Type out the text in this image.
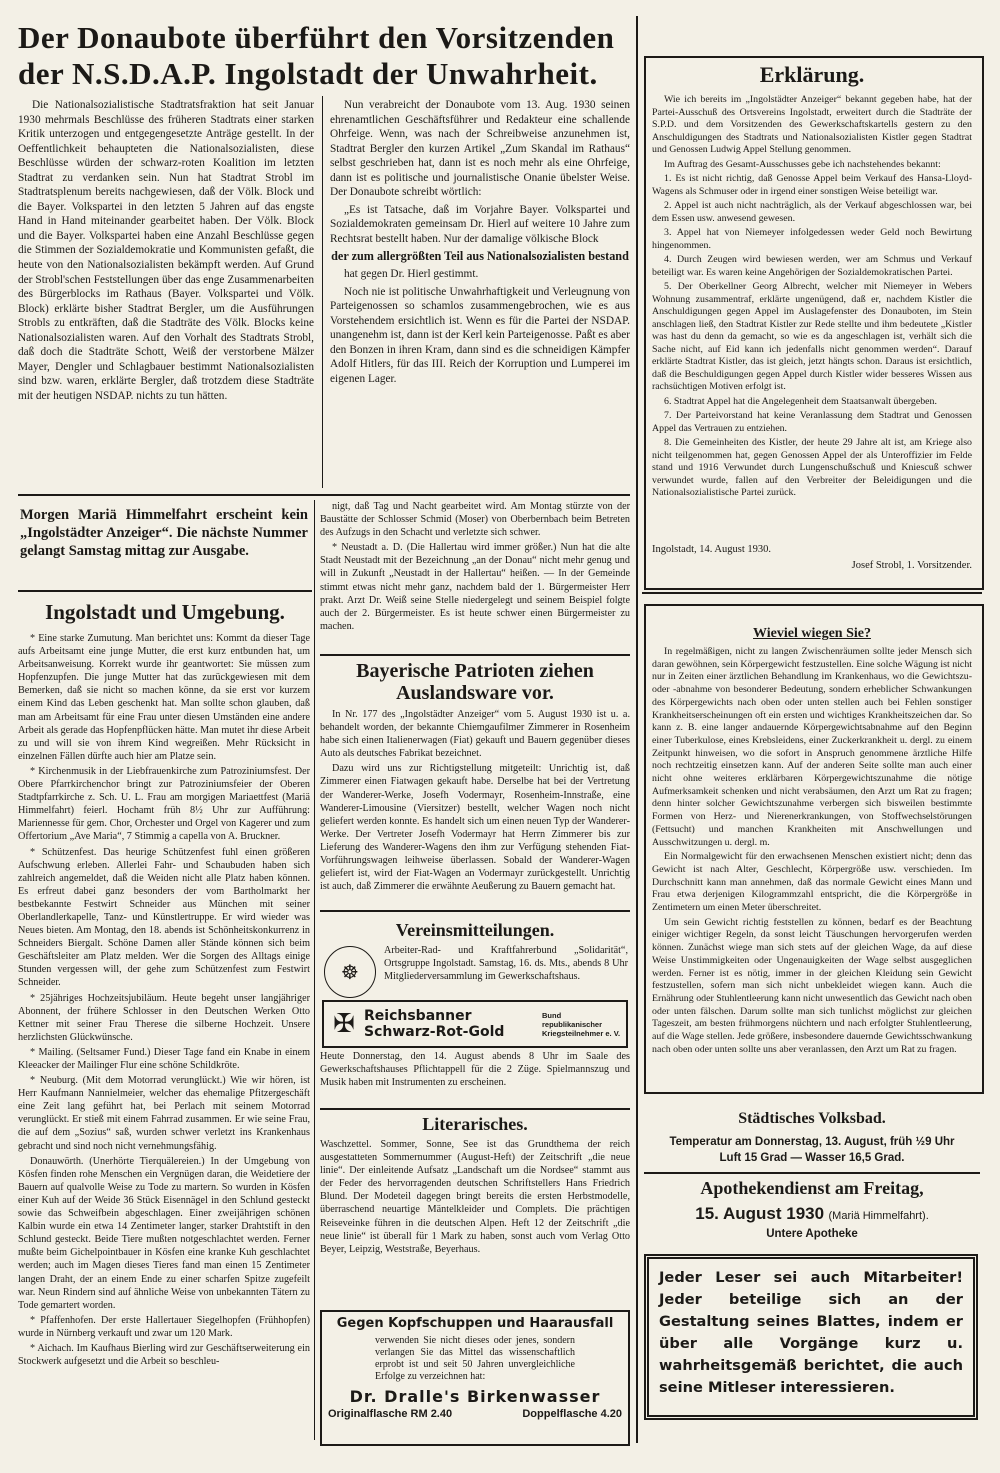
Der Donaubote überführt den Vorsitzenden
der N.S.D.A.P. Ingolstadt der Unwahrheit.

Die Nationalsozialistische Stadtratsfraktion hat seit Januar 1930 mehrmals Beschlüsse des früheren Stadtrats einer starken Kritik unterzogen und entgegengesetzte Anträge gestellt. In der Oeffentlichkeit behaupteten die Nationalsozialisten, diese Beschlüsse würden der schwarz-roten Koalition im letzten Stadtrat zu verdanken sein. Nun hat Stadtrat Strobl im Stadtratsplenum bereits nachgewiesen, daß der Völk. Block und die Bayer. Volkspartei in den letzten 5 Jahren auf das engste Hand in Hand miteinander gearbeitet haben. Der Völk. Block und die Bayer. Volkspartei haben eine Anzahl Beschlüsse gegen die Stimmen der Sozialdemokratie und Kommunisten gefaßt, die heute von den Nationalsozialisten bekämpft werden. Auf Grund der Strobl'schen Feststellungen über das enge Zusammenarbeiten des Bürgerblocks im Rathaus (Bayer. Volkspartei und Völk. Block) erklärte bisher Stadtrat Bergler, um die Ausführungen Strobls zu entkräften, daß die Stadträte des Völk. Blocks keine Nationalsozialisten waren. Auf den Vorhalt des Stadtrats Strobl, daß doch die Stadträte Schott, Weiß der verstorbene Mälzer Mayer, Dengler und Schlagbauer bestimmt Nationalsozialisten sind bzw. waren, erklärte Bergler, daß trotzdem diese Stadträte mit der heutigen NSDAP. nichts zu tun hätten.

Nun verabreicht der Donaubote vom 13. Aug. 1930 seinen ehrenamtlichen Geschäftsführer und Redakteur eine schallende Ohrfeige. Wenn, was nach der Schreibweise anzunehmen ist, Stadtrat Bergler den kurzen Artikel „Zum Skandal im Rathaus“ selbst geschrieben hat, dann ist es noch mehr als eine Ohrfeige, dann ist es politische und journalistische Onanie übelster Weise. Der Donaubote schreibt wörtlich:

„Es ist Tatsache, daß im Vorjahre Bayer. Volkspartei und Sozialdemokraten gemeinsam Dr. Hierl auf weitere 10 Jahre zum Rechtsrat bestellt haben. Nur der damalige völkische Block

der zum allergrößten Teil aus Nationalsozialisten bestand

hat gegen Dr. Hierl gestimmt.

Noch nie ist politische Unwahrhaftigkeit und Verleugnung von Parteigenossen so schamlos zusammengebrochen, wie es aus Vorstehendem ersichtlich ist. Wenn es für die Partei der NSDAP. unangenehm ist, dann ist der Kerl kein Parteigenosse. Paßt es aber den Bonzen in ihren Kram, dann sind es die schneidigen Kämpfer Adolf Hitlers, für das III. Reich der Korruption und Lumperei im eigenen Lager.

Morgen Mariä Himmelfahrt erscheint kein „Ingolstädter Anzeiger“. Die nächste Nummer gelangt Samstag mittag zur Ausgabe.
Ingolstadt und Umgebung.

* Eine starke Zumutung. Man berichtet uns: Kommt da dieser Tage aufs Arbeitsamt eine junge Mutter, die erst kurz entbunden hat, um Arbeitsanweisung. Korrekt wurde ihr geantwortet: Sie müssen zum Hopfenzupfen. Die junge Mutter hat das zurückgewiesen mit dem Bemerken, daß sie nicht so machen könne, da sie erst vor kurzem einem Kind das Leben geschenkt hat. Man sollte schon glauben, daß man am Arbeitsamt für eine Frau unter diesen Umständen eine andere Arbeit als gerade das Hopfenpflücken hätte. Man mutet ihr diese Arbeit zu und will sie von ihrem Kind wegreißen. Mehr Rücksicht in einzelnen Fällen dürfte auch hier am Platze sein.

* Kirchenmusik in der Liebfrauenkirche zum Patroziniumsfest. Der Obere Pfarrkirchenchor bringt zur Patroziniumsfeier der Oberen Stadtpfarrkirche z. Sch. U. L. Frau am morgigen Mariaettfest (Mariä Himmelfahrt) feierl. Hochamt früh 8½ Uhr zur Aufführung: Mariennesse für gem. Chor, Orchester und Orgel von Kagerer und zum Offertorium „Ave Maria“, 7 Stimmig a capella von A. Bruckner.

* Schützenfest. Das heurige Schützenfest fuhl einen größeren Aufschwung erleben. Allerlei Fahr- und Schaubuden haben sich zahlreich angemeldet, daß die Weiden nicht alle Platz haben können. Es erfreut dabei ganz besonders der vom Bartholmarkt her bestbekannte Festwirt Schneider aus München mit seiner Oberlandlerkapelle, Tanz- und Künstlertruppe. Er wird wieder was Neues bieten. Am Montag, den 18. abends ist Schönheitskonkurrenz in Schneiders Biergalt. Schöne Damen aller Stände können sich beim Geschäftsleiter am Platz melden. Wer die Sorgen des Alltags einige Stunden vergessen will, der gehe zum Schützenfest zum Festwirt Schneider.

* 25jähriges Hochzeitsjubiläum. Heute begeht unser langjähriger Abonnent, der frühere Schlosser in den Deutschen Werken Otto Kettner mit seiner Frau Therese die silberne Hochzeit. Unsere herzlichsten Glückwünsche.

* Mailing. (Seltsamer Fund.) Dieser Tage fand ein Knabe in einem Kleeacker der Mailinger Flur eine schöne Schildkröte.

* Neuburg. (Mit dem Motorrad verunglückt.) Wie wir hören, ist Herr Kaufmann Nannielmeier, welcher das ehemalige Pfitzergeschäft eine Zeit lang geführt hat, bei Perlach mit seinem Motorrad verunglückt. Er stieß mit einem Fahrrad zusammen. Er wie seine Frau, die auf dem „Sozius“ saß, wurden schwer verletzt ins Krankenhaus gebracht und sind noch nicht vernehmungsfähig.

Donauwörth. (Unerhörte Tierquälereien.) In der Umgebung von Kösfen finden rohe Menschen ein Vergnügen daran, die Weidetiere der Bauern auf qualvolle Weise zu Tode zu martern. So wurden in Kösfen einer Kuh auf der Weide 36 Stück Eisennägel in den Schlund gesteckt sowie das Schweifbein abgeschlagen. Einer zweijährigen schönen Kalbin wurde ein etwa 14 Zentimeter langer, starker Drahtstift in den Schlund gesteckt. Beide Tiere mußten notgeschlachtet werden. Ferner mußte beim Gichelpointbauer in Kösfen eine kranke Kuh geschlachtet werden; auch im Magen dieses Tieres fand man einen 15 Zentimeter langen Draht, der an einem Ende zu einer scharfen Spitze zugefeilt war. Neun Rindern sind auf ähnliche Weise von unbekannten Tätern zu Tode gemartert worden.

* Pfaffenhofen. Der erste Hallertauer Siegelhopfen (Frühhopfen) wurde in Nürnberg verkauft und zwar um 120 Mark.

* Aichach. Im Kaufhaus Bierling wird zur Geschäftserweiterung ein Stockwerk aufgesetzt und die Arbeit so beschleu-

nigt, daß Tag und Nacht gearbeitet wird. Am Montag stürzte von der Baustätte der Schlosser Schmid (Moser) von Oberbernbach beim Betreten des Aufzugs in den Schacht und verletzte sich schwer.

* Neustadt a. D. (Die Hallertau wird immer größer.) Nun hat die alte Stadt Neustadt mit der Bezeichnung „an der Donau“ nicht mehr genug und will in Zukunft „Neustadt in der Hallertau“ heißen. — In der Gemeinde stimmt etwas nicht mehr ganz, nachdem bald der 1. Bürgermeister Herr prakt. Arzt Dr. Weiß seine Stelle niedergelegt und seinem Beispiel folgte auch der 2. Bürgermeister. Es ist heute schwer einen Bürgermeister zu machen.

Bayerische Patrioten ziehen Auslandsware vor.

In Nr. 177 des „Ingolstädter Anzeiger“ vom 5. August 1930 ist u. a. behandelt worden, der bekannte Chiemgaufilmer Zimmerer in Rosenheim habe sich einen Italienerwagen (Fiat) gekauft und Bauern gegenüber dieses Auto als deutsches Fabrikat bezeichnet.

Dazu wird uns zur Richtigstellung mitgeteilt: Unrichtig ist, daß Zimmerer einen Fiatwagen gekauft habe. Derselbe hat bei der Vertretung der Wanderer-Werke, Josefh Vodermayr, Rosenheim-Innstraße, eine Wanderer-Limousine (Viersitzer) bestellt, welcher Wagen noch nicht geliefert werden konnte. Es handelt sich um einen neuen Typ der Wanderer-Werke. Der Vertreter Josefh Vodermayr hat Herrn Zimmerer bis zur Lieferung des Wanderer-Wagens den ihm zur Verfügung stehenden Fiat-Vorführungswagen leihweise überlassen. Sobald der Wanderer-Wagen geliefert ist, wird der Fiat-Wagen an Vodermayr zurückgestellt. Unrichtig ist auch, daß Zimmerer die erwähnte Aeußerung zu Bauern gemacht hat.

Vereinsmitteilungen.
☸
Arbeiter-Rad- und Kraftfahrerbund „Solidarität“, Ortsgruppe Ingolstadt. Samstag, 16. ds. Mts., abends 8 Uhr Mitgliederversammlung im Gewerkschaftshaus.
✠ Reichsbanner Schwarz-Rot-Gold
Bund republikanischer Kriegsteilnehmer e. V.
Heute Donnerstag, den 14. August abends 8 Uhr im Saale des Gewerkschaftshauses Pflichtappell für die 2 Züge. Spielmannszug und Musik haben mit Instrumenten zu erscheinen.
Literarisches.
Waschzettel. Sommer, Sonne, See ist das Grundthema der reich ausgestatteten Sommernummer (August-Heft) der Zeitschrift „die neue linie“. Der einleitende Aufsatz „Landschaft um die Nordsee“ stammt aus der Feder des hervorragenden deutschen Schriftstellers Hans Friedrich Blund. Der Modeteil dagegen bringt bereits die ersten Herbstmodelle, überraschend neuartige Mäntelkleider und Complets. Die prächtigen Reiseveinke führen in die deutschen Alpen. Heft 12 der Zeitschrift „die neue linie“ ist überall für 1 Mark zu haben, sonst auch vom Verlag Otto Beyer, Leipzig, Weststraße, Beyerhaus.
Gegen Kopfschuppen und Haarausfall
verwenden Sie nicht dieses oder jenes, sondern verlangen Sie das Mittel das wissenschaftlich erprobt ist und seit 50 Jahren unvergleichliche Erfolge zu verzeichnen hat:
Dr. Dralle's Birkenwasser
Originalflasche RM 2.40	Doppelflasche 4.20
Erklärung.

Wie ich bereits im „Ingolstädter Anzeiger“ bekannt gegeben habe, hat der Partei-Ausschuß des Ortsvereins Ingolstadt, erweitert durch die Stadträte der S.P.D. und dem Vorsitzenden des Gewerkschaftskartells gestern zu den Anschuldigungen des Stadtrats und Nationalsozialisten Kistler gegen Stadtrat und Genossen Ludwig Appel Stellung genommen.

Im Auftrag des Gesamt-Ausschusses gebe ich nachstehendes bekannt:

1. Es ist nicht richtig, daß Genosse Appel beim Verkauf des Hansa-Lloyd-Wagens als Schmuser oder in irgend einer sonstigen Weise beteiligt war.

2. Appel ist auch nicht nachträglich, als der Verkauf abgeschlossen war, bei dem Essen usw. anwesend gewesen.

3. Appel hat von Niemeyer infolgedessen weder Geld noch Bewirtung hingenommen.

4. Durch Zeugen wird bewiesen werden, wer am Schmus und Verkauf beteiligt war. Es waren keine Angehörigen der Sozialdemokratischen Partei.

5. Der Oberkellner Georg Albrecht, welcher mit Niemeyer in Webers Wohnung zusammentraf, erklärte ungenügend, daß er, nachdem Kistler die Anschuldigungen gegen Appel im Auslagefenster des Donauboten, im Stein anschlagen ließ, den Stadtrat Kistler zur Rede stellte und ihm bedeutete „Kistler was hast du denn da gemacht, so wie es da angeschlagen ist, verhält sich die Sache nicht, auf Eid kann ich jedenfalls nicht genommen werden“. Darauf erklärte Stadtrat Kistler, das ist gleich, jetzt hängts schon. Daraus ist ersichtlich, daß die Beschuldigungen gegen Appel durch Kistler wider besseres Wissen aus rachsüchtigen Motiven erfolgt ist.

6. Stadtrat Appel hat die Angelegenheit dem Staatsanwalt übergeben.

7. Der Parteivorstand hat keine Veranlassung dem Stadtrat und Genossen Appel das Vertrauen zu entziehen.

8. Die Gemeinheiten des Kistler, der heute 29 Jahre alt ist, am Kriege also nicht teilgenommen hat, gegen Genossen Appel der als Unteroffizier im Felde stand und 1916 Verwundet durch Lungenschußschuß und Kniescuß schwer verwundet wurde, fallen auf den Verbreiter der Beleidigungen und die Nationalsozialistische Partei zurück.

Ingolstadt, 14. August 1930.
Josef Strobl, 1. Vorsitzender.
Wieviel wiegen Sie?

In regelmäßigen, nicht zu langen Zwischenräumen sollte jeder Mensch sich daran gewöhnen, sein Körpergewicht festzustellen. Eine solche Wägung ist nicht nur in Zeiten einer ärztlichen Behandlung im Krankenhaus, wo die Gewichtszu- oder -abnahme von besonderer Bedeutung, sondern erheblicher Schwankungen des Körpergewichts nach oben oder unten stellen auch bei Fehlen sonstiger Krankheitserscheinungen oft ein ersten und wichtiges Krankheitszeichen dar. So kann z. B. eine langer andauernde Körpergewichtsabnahme auf den Beginn einer Tuberkulose, eines Krebsleidens, einer Zuckerkrankheit u. dergl. zu einem Zeitpunkt hinweisen, wo die sofort in Anspruch genommene ärztliche Hilfe noch rechtzeitig einsetzen kann. Auf der anderen Seite sollte man auch einer nicht ohne weiteres erklärbaren Körpergewichtszunahme die nötige Aufmerksamkeit schenken und nicht verabsäumen, den Arzt um Rat zu fragen; denn hinter solcher Gewichtszunahme verbergen sich bisweilen bestimmte Formen von Herz- und Nierenerkrankungen, von Stoffwechselstörungen (Fettsucht) und manchen Krankheiten mit Anschwellungen und Ausschwitzungen u. dergl. m.

Ein Normalgewicht für den erwachsenen Menschen existiert nicht; denn das Gewicht ist nach Alter, Geschlecht, Körpergröße usw. verschieden. Im Durchschnitt kann man annehmen, daß das normale Gewicht eines Mann und Frau etwa derjenigen Kilogrammzahl entspricht, die die Körpergröße in Zentimetern um einen Meter überschreitet.

Um sein Gewicht richtig feststellen zu können, bedarf es der Beachtung einiger wichtiger Regeln, da sonst leicht Täuschungen hervorgerufen werden können. Zunächst wiege man sich stets auf der gleichen Wage, da auf diese Weise Unstimmigkeiten oder Ungenauigkeiten der Wage selbst ausgeglichen werden. Ferner ist es nötig, immer in der gleichen Kleidung sein Gewicht festzustellen, sofern man sich nicht unbekleidet wiegen kann. Auch die Ernährung oder Stuhlentleerung kann nicht unwesentlich das Gewicht nach oben oder unten fälschen. Darum sollte man sich tunlichst möglichst zur gleichen Tageszeit, am besten frühmorgens nüchtern und nach erfolgter Stuhlentleerung, auf die Wage stellen. Jede größere, insbesondere dauernde Gewichtsschwankung nach oben oder unten sollte uns aber veranlassen, den Arzt um Rat zu fragen.

Städtisches Volksbad.
Temperatur am Donnerstag, 13. August, früh ½9 Uhr
Luft 15 Grad — Wasser 16,5 Grad.
Apothekendienst am Freitag,
15. August 1930 (Mariä Himmelfahrt).
Untere Apotheke
Jeder Leser sei auch Mitarbeiter! Jeder beteilige sich an der Gestaltung seines Blattes, indem er über alle Vorgänge kurz u. wahrheitsgemäß berichtet, die auch seine Mitleser interessieren.
